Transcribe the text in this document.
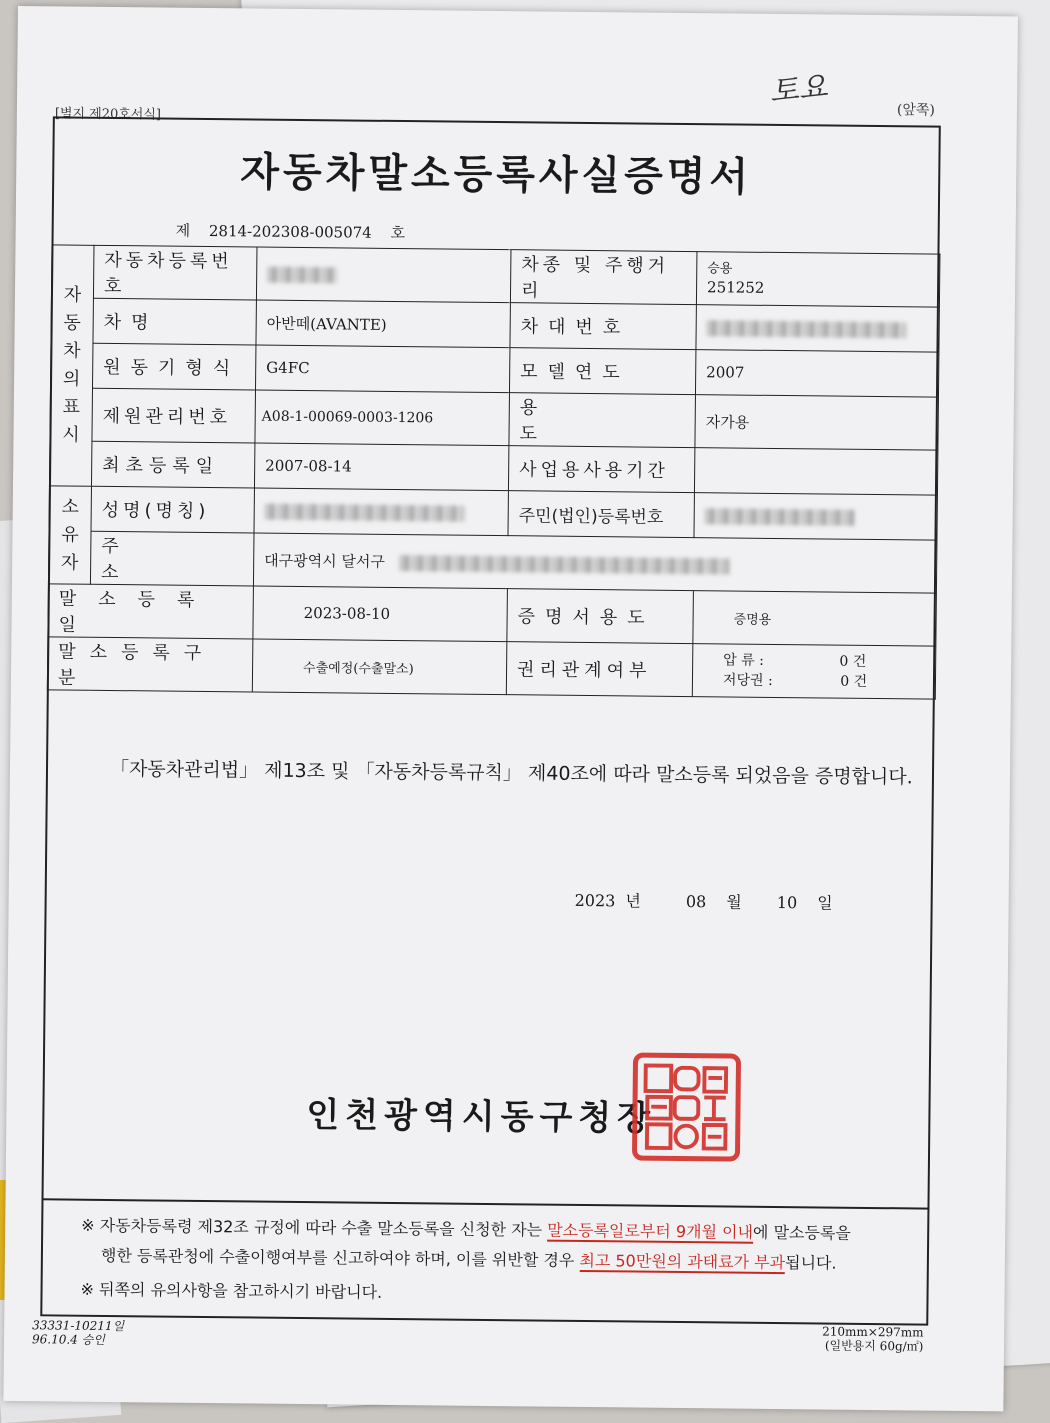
[별지 제20호서식]	(앞쪽)
토요
자동차말소등록사실증명서
제 2814-202308-005074 호
자동차의 표시	자동차등록번호		차종 및 주행거리	승용
251252

	차명	아반떼(AVANTE)	차대번호	
	원동기형식	G4FC	모델연도	2007
	제원관리번호	A08-1-00069-0003-1206	용도	자가용
	최초등록일	2007-08-14	사업용사용기간	

소유자	성명(명칭)		주민(법인)등록번호	
	주소	대구광역시 달서구		
말소등록일		2023-08-10	증명서용도	증명용
말소등록구분		수출예정(수출말소)	권리관계여부	압 류 : 0 건
저당권 : 0 건
「자동차관리법」 제13조 및 「자동차등록규칙」 제40조에 따라 말소등록 되었음을 증명합니다.
2023 년	08 월 10 일
인천광역시동구청장
※ 자동차등록령 제32조 규정에 따라 수출 말소등록을 신청한 자는 말소등록일로부터 9개월 이내에 말소등록을
행한 등록관청에 수출이행여부를 신고하여야 하며, 이를 위반할 경우 최고 50만원의 과태료가 부과됩니다.
※ 뒤쪽의 유의사항을 참고하시기 바랍니다.
33331-10211일
96.10.4 승인
210mm×297mm
(일반용지 60g/㎡)
